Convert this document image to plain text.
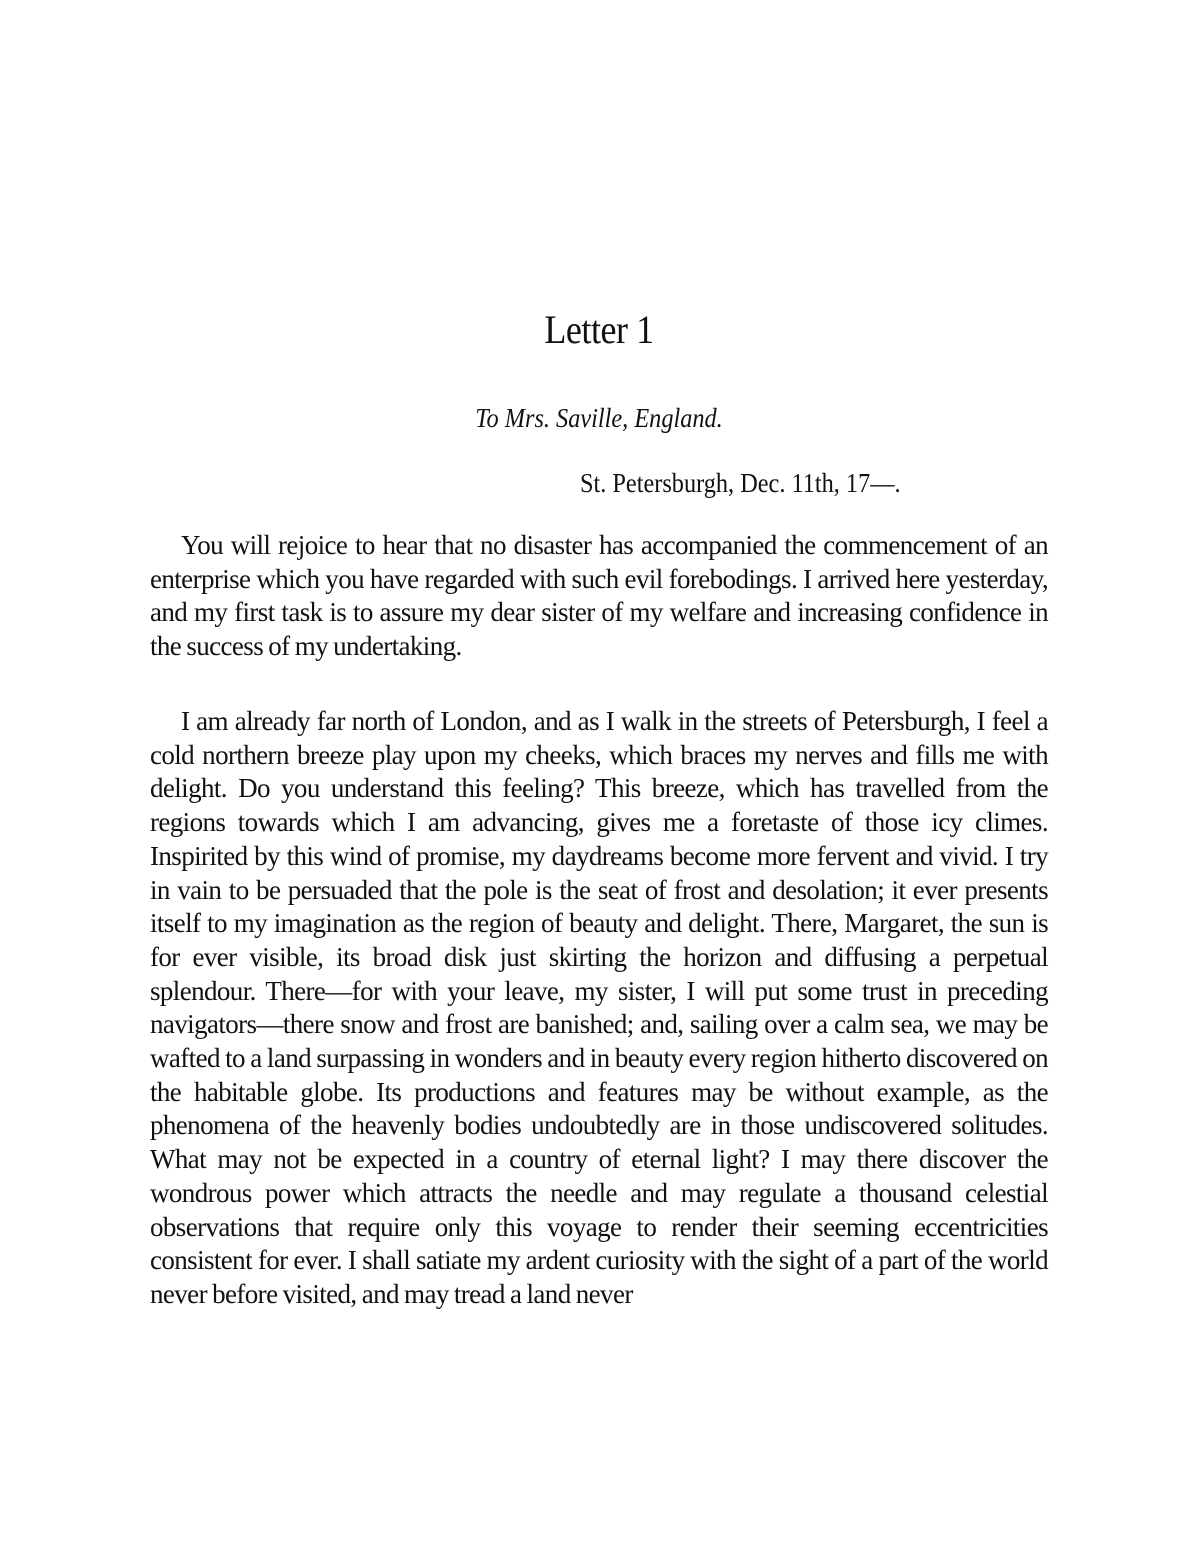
Letter 1
To Mrs. Saville, England.
St. Petersburgh, Dec. 11th, 17—.

You will rejoice to hear that no disaster has accompanied the commencement of an enterprise which you have regarded with such evil forebodings. I arrived here yesterday, and my first task is to assure my dear sister of my welfare and increasing confidence in the success of my undertaking.

I am already far north of London, and as I walk in the streets of Petersburgh, I feel a cold northern breeze play upon my cheeks, which braces my nerves and fills me with delight. Do you understand this feeling? This breeze, which has travelled from the regions towards which I am advancing, gives me a foretaste of those icy climes. Inspirited by this wind of promise, my daydreams become more fervent and vivid. I try in vain to be persuaded that the pole is the seat of frost and desolation; it ever presents itself to my imagination as the region of beauty and delight. There, Margaret, the sun is for ever visible, its broad disk just skirting the horizon and diffusing a perpetual splendour. There—for with your leave, my sister, I will put some trust in preceding navigators—there snow and frost are banished; and, sailing over a calm sea, we may be wafted to a land surpassing in wonders and in beauty every region hitherto discovered on the habitable globe. Its productions and features may be without example, as the phenomena of the heavenly bodies undoubtedly are in those undiscovered solitudes. What may not be expected in a country of eternal light? I may there discover the wondrous power which attracts the needle and may regulate a thousand celestial observations that require only this voyage to render their seeming eccentricities consistent for ever. I shall satiate my ardent curiosity with the sight of a part of the world never before visited, and may tread a land never
